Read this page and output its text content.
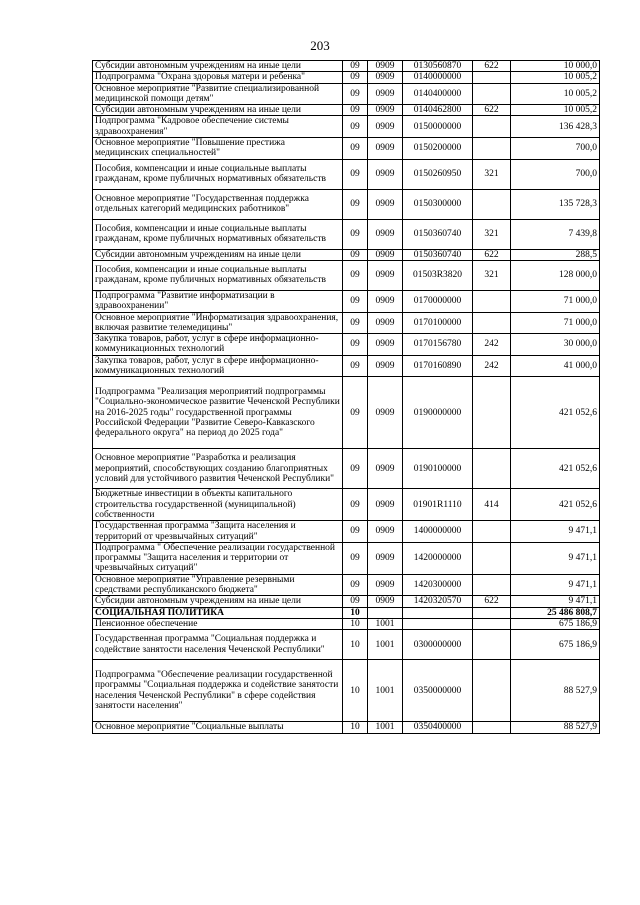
203
Субсидии автономным учреждениям на иные цели	09	0909	0130560870	622	10 000,0
Подпрограмма "Охрана здоровья матери и ребенка"	09	0909	0140000000		10 005,2
Основное мероприятие "Развитие специализированной медицинской помощи детям"	09	0909	0140400000		10 005,2
Субсидии автономным учреждениям на иные цели	09	0909	0140462800	622	10 005,2
Подпрограмма "Кадровое обеспечение системы здравоохранения"	09	0909	0150000000		136 428,3
Основное мероприятие "Повышение престижа медицинских специальностей"	09	0909	0150200000		700,0
Пособия, компенсации и иные социальные выплаты гражданам, кроме публичных нормативных обязательств	09	0909	0150260950	321	700,0
Основное мероприятие "Государственная поддержка отдельных категорий медицинских работников"	09	0909	0150300000		135 728,3
Пособия, компенсации и иные социальные выплаты гражданам, кроме публичных нормативных обязательств	09	0909	0150360740	321	7 439,8
Субсидии автономным учреждениям на иные цели	09	0909	0150360740	622	288,5
Пособия, компенсации и иные социальные выплаты гражданам, кроме публичных нормативных обязательств	09	0909	01503R3820	321	128 000,0
Подпрограмма "Развитие информатизации в здравоохранении"	09	0909	0170000000		71 000,0
Основное мероприятие "Информатизация здравоохранения, включая развитие телемедицины"	09	0909	0170100000		71 000,0
Закупка товаров, работ, услуг в сфере информационно-коммуникационных технологий	09	0909	0170156780	242	30 000,0
Закупка товаров, работ, услуг в сфере информационно-коммуникационных технологий	09	0909	0170160890	242	41 000,0
Подпрограмма "Реализация мероприятий подпрограммы "Социально-экономическое развитие Чеченской Республики на 2016-2025 годы" государственной программы Российской Федерации "Развитие Северо-Кавказского федерального округа" на период до 2025 года"	09	0909	0190000000		421 052,6
Основное мероприятие "Разработка и реализация мероприятий, способствующих созданию благоприятных условий для устойчивого развития Чеченской Республики"	09	0909	0190100000		421 052,6
Бюджетные инвестиции в объекты капитального строительства государственной (муниципальной) собственности	09	0909	01901R1110	414	421 052,6
Государственная программа "Защита населения и территорий от чрезвычайных ситуаций"	09	0909	1400000000		9 471,1
Подпрограмма " Обеспечение реализации государственной программы "Защита населения и территории от чрезвычайных ситуаций"	09	0909	1420000000		9 471,1
Основное мероприятие "Управление резервными средствами республиканского бюджета"	09	0909	1420300000		9 471,1
Субсидии автономным учреждениям на иные цели	09	0909	1420320570	622	9 471,1
СОЦИАЛЬНАЯ ПОЛИТИКА	10				25 486 808,7
Пенсионное обеспечение	10	1001			675 186,9
Государственная программа "Социальная поддержка и содействие занятости населения Чеченской Республики"	10	1001	0300000000		675 186,9
Подпрограмма "Обеспечение реализации государственной программы "Социальная поддержка и содействие занятости населения Чеченской Республики" в сфере содействия занятости населения"	10	1001	0350000000		88 527,9
Основное мероприятие "Социальные выплаты	10	1001	0350400000		88 527,9
